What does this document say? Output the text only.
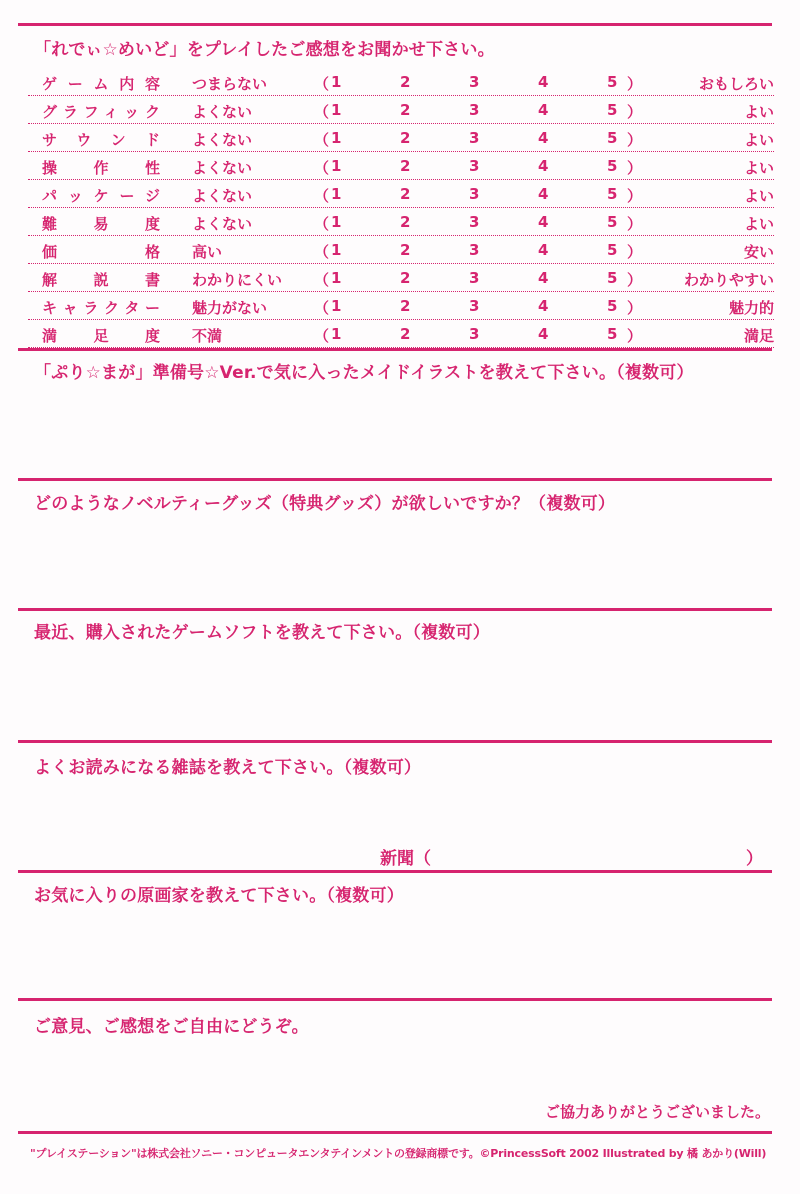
「れでぃ☆めいど」をプレイしたご感想をお聞かせ下さい。
ゲーム内容 つまらない	（ 1	2	3	4	5 ）	おもしろい
グラフィック よくない	（ 1	2	3	4	5 ）	よい
サウンド よくない	（ 1	2	3	4	5 ）	よい
操作性 よくない	（ 1	2	3	4	5 ）	よい
パッケージ よくない	（ 1	2	3	4	5 ）	よい
難易度 よくない	（ 1	2	3	4	5 ）	よい
価格 高い	（ 1	2	3	4	5 ）	安い
解説書 わかりにくい （ 1	2	3	4	5 ）	わかりやすい
キャラクター 魅力がない	（ 1	2	3	4	5 ）	魅力的
満足度 不満	（ 1	2	3	4	5 ）	満足
「ぷり☆まが」準備号☆Ver.で気に入ったメイドイラストを教えて下さい。（複数可）
どのようなノベルティーグッズ（特典グッズ）が欲しいですか？（複数可）
最近、購入されたゲームソフトを教えて下さい。（複数可）
よくお読みになる雑誌を教えて下さい。（複数可）
新聞（	）
お気に入りの原画家を教えて下さい。（複数可）
ご意見、ご感想をご自由にどうぞ。
ご協力ありがとうございました。
"プレイステーション"は株式会社ソニー・コンピュータエンタテインメントの登録商標です。©PrincessSoft 2002 Illustrated by 橘 あかり(Will)
